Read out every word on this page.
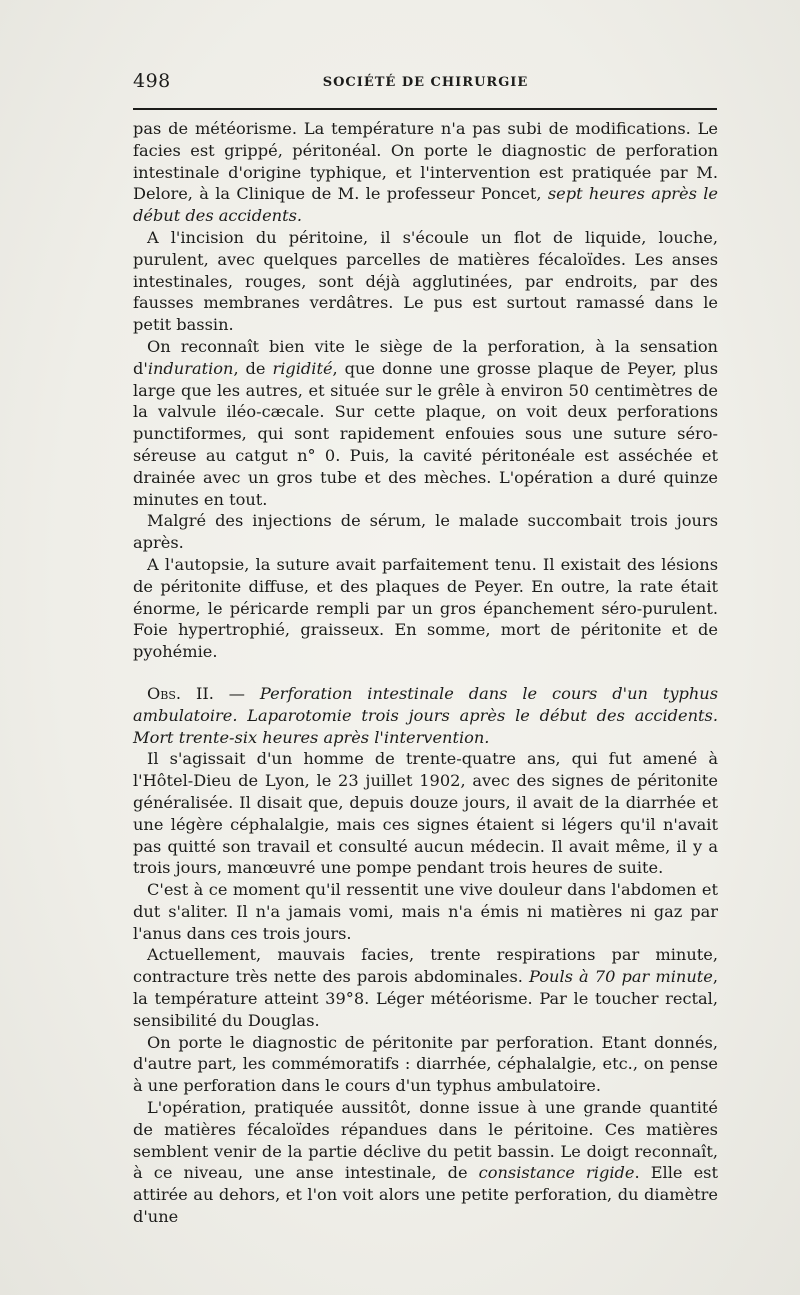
498	SOCIÉTÉ DE CHIRURGIE

pas de météorisme. La température n'a pas subi de modifications. Le facies est grippé, péritonéal. On porte le diagnostic de perforation intestinale d'origine typhique, et l'intervention est pratiquée par M. Delore, à la Clinique de M. le professeur Poncet, sept heures après le début des accidents.

A l'incision du péritoine, il s'écoule un flot de liquide, louche, purulent, avec quelques parcelles de matières fécaloïdes. Les anses intestinales, rouges, sont déjà agglutinées, par endroits, par des fausses membranes verdâtres. Le pus est surtout ramassé dans le petit bassin.

On reconnaît bien vite le siège de la perforation, à la sensation d'induration, de rigidité, que donne une grosse plaque de Peyer, plus large que les autres, et située sur le grêle à environ 50 centimètres de la valvule iléo-cæcale. Sur cette plaque, on voit deux perforations punctiformes, qui sont rapidement enfouies sous une suture séro-séreuse au catgut n° 0. Puis, la cavité péritonéale est asséchée et drainée avec un gros tube et des mèches. L'opération a duré quinze minutes en tout.

Malgré des injections de sérum, le malade succombait trois jours après.

A l'autopsie, la suture avait parfaitement tenu. Il existait des lésions de péritonite diffuse, et des plaques de Peyer. En outre, la rate était énorme, le péricarde rempli par un gros épanchement séro-purulent. Foie hypertrophié, graisseux. En somme, mort de péritonite et de pyohémie.

Obs. II. — Perforation intestinale dans le cours d'un typhus ambulatoire. Laparotomie trois jours après le début des accidents. Mort trente-six heures après l'intervention.

Il s'agissait d'un homme de trente-quatre ans, qui fut amené à l'Hôtel-Dieu de Lyon, le 23 juillet 1902, avec des signes de péritonite généralisée. Il disait que, depuis douze jours, il avait de la diarrhée et une légère céphalalgie, mais ces signes étaient si légers qu'il n'avait pas quitté son travail et consulté aucun médecin. Il avait même, il y a trois jours, manœuvré une pompe pendant trois heures de suite.

C'est à ce moment qu'il ressentit une vive douleur dans l'abdomen et dut s'aliter. Il n'a jamais vomi, mais n'a émis ni matières ni gaz par l'anus dans ces trois jours.

Actuellement, mauvais facies, trente respirations par minute, contracture très nette des parois abdominales. Pouls à 70 par minute, la température atteint 39°8. Léger météorisme. Par le toucher rectal, sensibilité du Douglas.

On porte le diagnostic de péritonite par perforation. Etant donnés, d'autre part, les commémoratifs : diarrhée, céphalalgie, etc., on pense à une perforation dans le cours d'un typhus ambulatoire.

L'opération, pratiquée aussitôt, donne issue à une grande quantité de matières fécaloïdes répandues dans le péritoine. Ces matières semblent venir de la partie déclive du petit bassin. Le doigt reconnaît, à ce niveau, une anse intestinale, de consistance rigide. Elle est attirée au dehors, et l'on voit alors une petite perforation, du diamètre d'une
